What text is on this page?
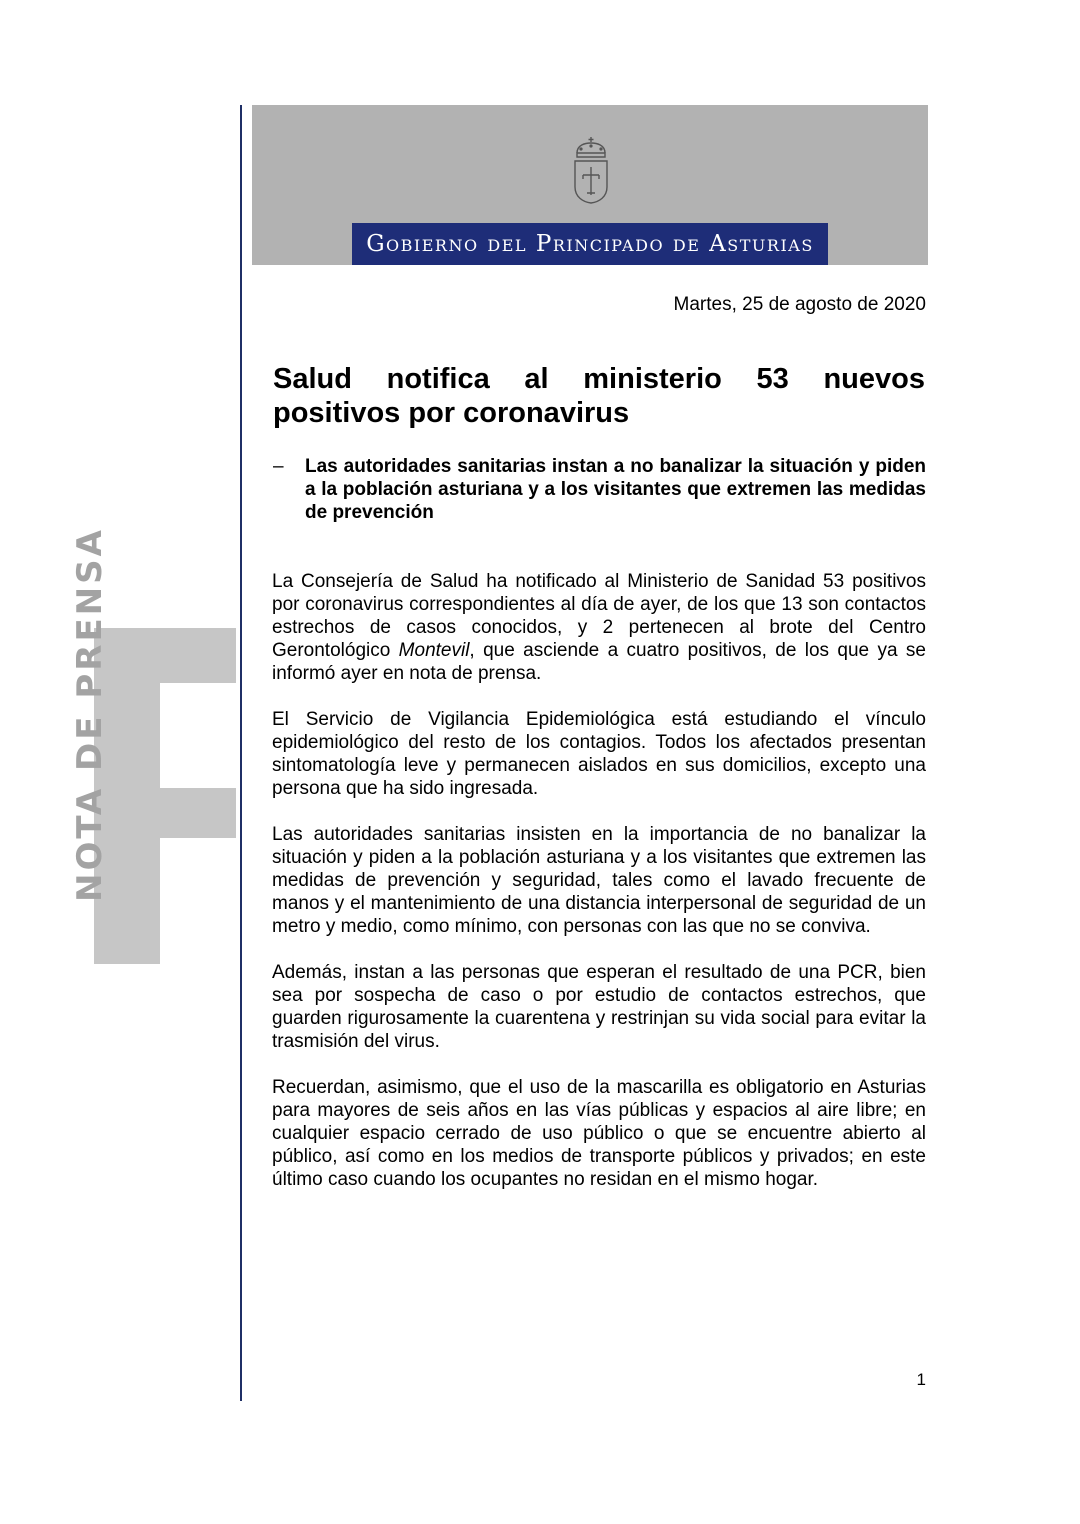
NOTA DE PRENSA
Gobierno del Principado de Asturias
Martes, 25 de agosto de 2020
Salud notifica al ministerio 53 nuevos positivos por coronavirus
–	Las autoridades sanitarias instan a no banalizar la situación y piden a la población asturiana y a los visitantes que extremen las medidas de prevención

La Consejería de Salud ha notificado al Ministerio de Sanidad 53 positivos por coronavirus correspondientes al día de ayer, de los que 13 son contactos estrechos de casos conocidos, y 2 pertenecen al brote del Centro Gerontológico Montevil, que asciende a cuatro positivos, de los que ya se informó ayer en nota de prensa.

El Servicio de Vigilancia Epidemiológica está estudiando el vínculo epidemiológico del resto de los contagios. Todos los afectados presentan sintomatología leve y permanecen aislados en sus domicilios, excepto una persona que ha sido ingresada.

Las autoridades sanitarias insisten en la importancia de no banalizar la situación y piden a la población asturiana y a los visitantes que extremen las medidas de prevención y seguridad, tales como el lavado frecuente de manos y el mantenimiento de una distancia interpersonal de seguridad de un metro y medio, como mínimo, con personas con las que no se conviva.

Además, instan a las personas que esperan el resultado de una PCR, bien sea por sospecha de caso o por estudio de contactos estrechos, que guarden rigurosamente la cuarentena y restrinjan su vida social para evitar la trasmisión del virus.

Recuerdan, asimismo, que el uso de la mascarilla es obligatorio en Asturias para mayores de seis años en las vías públicas y espacios al aire libre; en cualquier espacio cerrado de uso público o que se encuentre abierto al público, así como en los medios de transporte públicos y privados; en este último caso cuando los ocupantes no residan en el mismo hogar.

1
